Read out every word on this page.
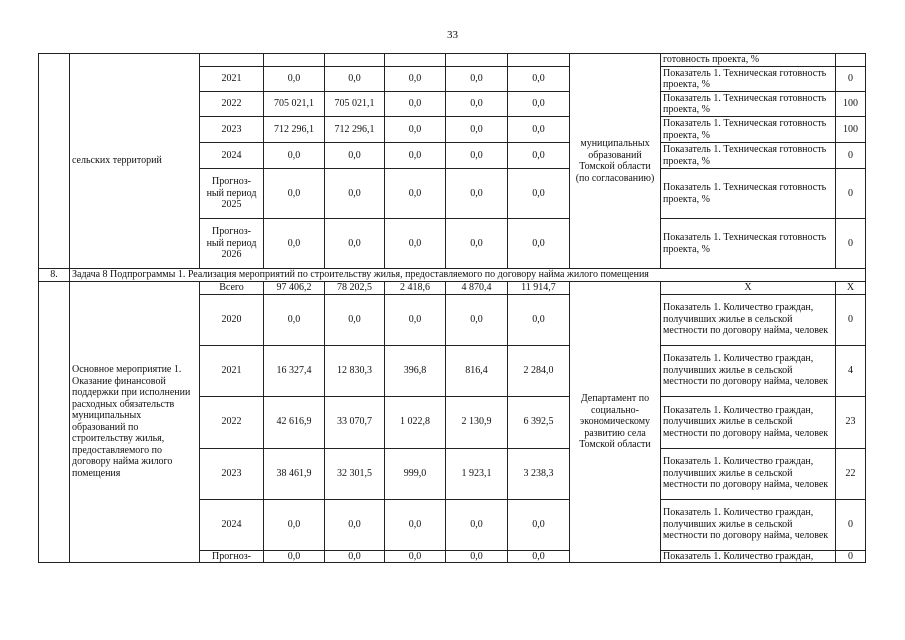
33
	сельских территорий							муниципальных образований Томской области (по согласованию)	готовность проекта, %	
		2021	0,0	0,0	0,0	0,0	0,0		Показатель 1. Техническая готовность проекта, %	0
		2022	705 021,1	705 021,1	0,0	0,0	0,0		Показатель 1. Техническая готовность проекта, %	100
		2023	712 296,1	712 296,1	0,0	0,0	0,0		Показатель 1. Техническая готовность проекта, %	100
		2024	0,0	0,0	0,0	0,0	0,0		Показатель 1. Техническая готовность проекта, %	0
		Прогноз-ный период 2025	0,0	0,0	0,0	0,0	0,0		Показатель 1. Техническая готовность проекта, %	0
		Прогноз-ный период 2026	0,0	0,0	0,0	0,0	0,0		Показатель 1. Техническая готовность проекта, %	0
8.	Задача 8 Подпрограммы 1. Реализация мероприятий по строительству жилья, предоставляемого по договору найма жилого помещения									
	Основное мероприятие 1. Оказание финансовой поддержки при исполнении расходных обязательств муниципальных образований по строительству жилья, предоставляемого по договору найма жилого помещения	Всего	97 406,2	78 202,5	2 418,6	4 870,4	11 914,7	Департамент по социально-экономическому развитию села Томской области	Х	Х
		2020	0,0	0,0	0,0	0,0	0,0		Показатель 1. Количество граждан, получивших жилье в сельской местности по договору найма, человек	0
		2021	16 327,4	12 830,3	396,8	816,4	2 284,0		Показатель 1. Количество граждан, получивших жилье в сельской местности по договору найма, человек	4
		2022	42 616,9	33 070,7	1 022,8	2 130,9	6 392,5		Показатель 1. Количество граждан, получивших жилье в сельской местности по договору найма, человек	23
		2023	38 461,9	32 301,5	999,0	1 923,1	3 238,3		Показатель 1. Количество граждан, получивших жилье в сельской местности по договору найма, человек	22
		2024	0,0	0,0	0,0	0,0	0,0		Показатель 1. Количество граждан, получивших жилье в сельской местности по договору найма, человек	0
		Прогноз-	0,0	0,0	0,0	0,0	0,0		Показатель 1. Количество граждан,	0
